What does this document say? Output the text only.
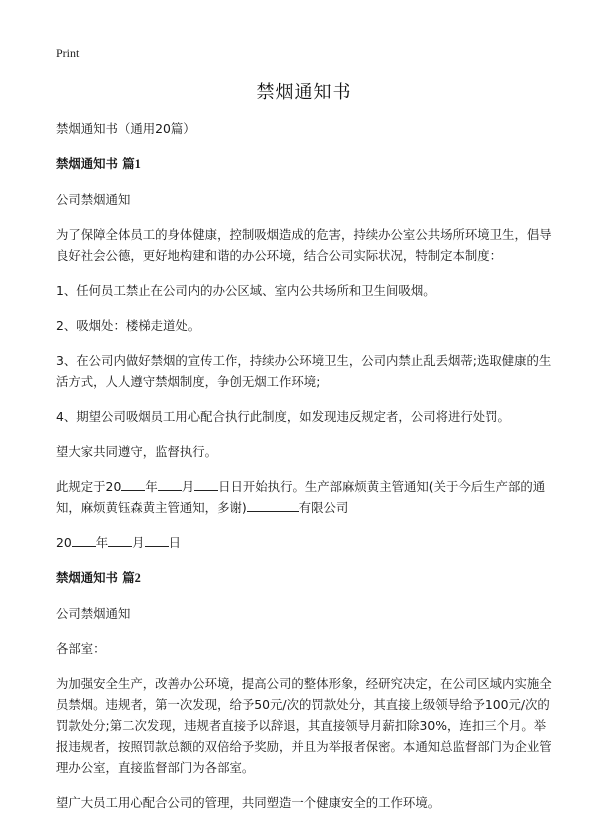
Print
禁烟通知书

禁烟通知书（通用20篇）

禁烟通知书 篇1

公司禁烟通知

为了保障全体员工的身体健康，控制吸烟造成的危害，持续办公室公共场所环境卫生，倡导良好社会公德，更好地构建和谐的办公环境，结合公司实际状况，特制定本制度：

1、任何员工禁止在公司内的办公区域、室内公共场所和卫生间吸烟。

2、吸烟处：楼梯走道处。

3、在公司内做好禁烟的宣传工作，持续办公环境卫生，公司内禁止乱丢烟蒂;选取健康的生活方式，人人遵守禁烟制度，争创无烟工作环境;

4、期望公司吸烟员工用心配合执行此制度，如发现违反规定者，公司将进行处罚。

望大家共同遵守，监督执行。

此规定于20 年 月 日日开始执行。生产部麻烦黄主管通知(关于今后生产部的通知，麻烦黄钰森黄主管通知，多谢)	有限公司

20 年 月 日

禁烟通知书 篇2

公司禁烟通知

各部室：

为加强安全生产，改善办公环境，提高公司的整体形象，经研究决定，在公司区域内实施全员禁烟。违规者，第一次发现，给予50元/次的罚款处分，其直接上级领导给予100元/次的罚款处分;第二次发现，违规者直接予以辞退，其直接领导月薪扣除30%，连扣三个月。举报违规者，按照罚款总额的双倍给予奖励，并且为举报者保密。本通知总监督部门为企业管理办公室，直接监督部门为各部室。

望广大员工用心配合公司的管理，共同塑造一个健康安全的工作环境。
